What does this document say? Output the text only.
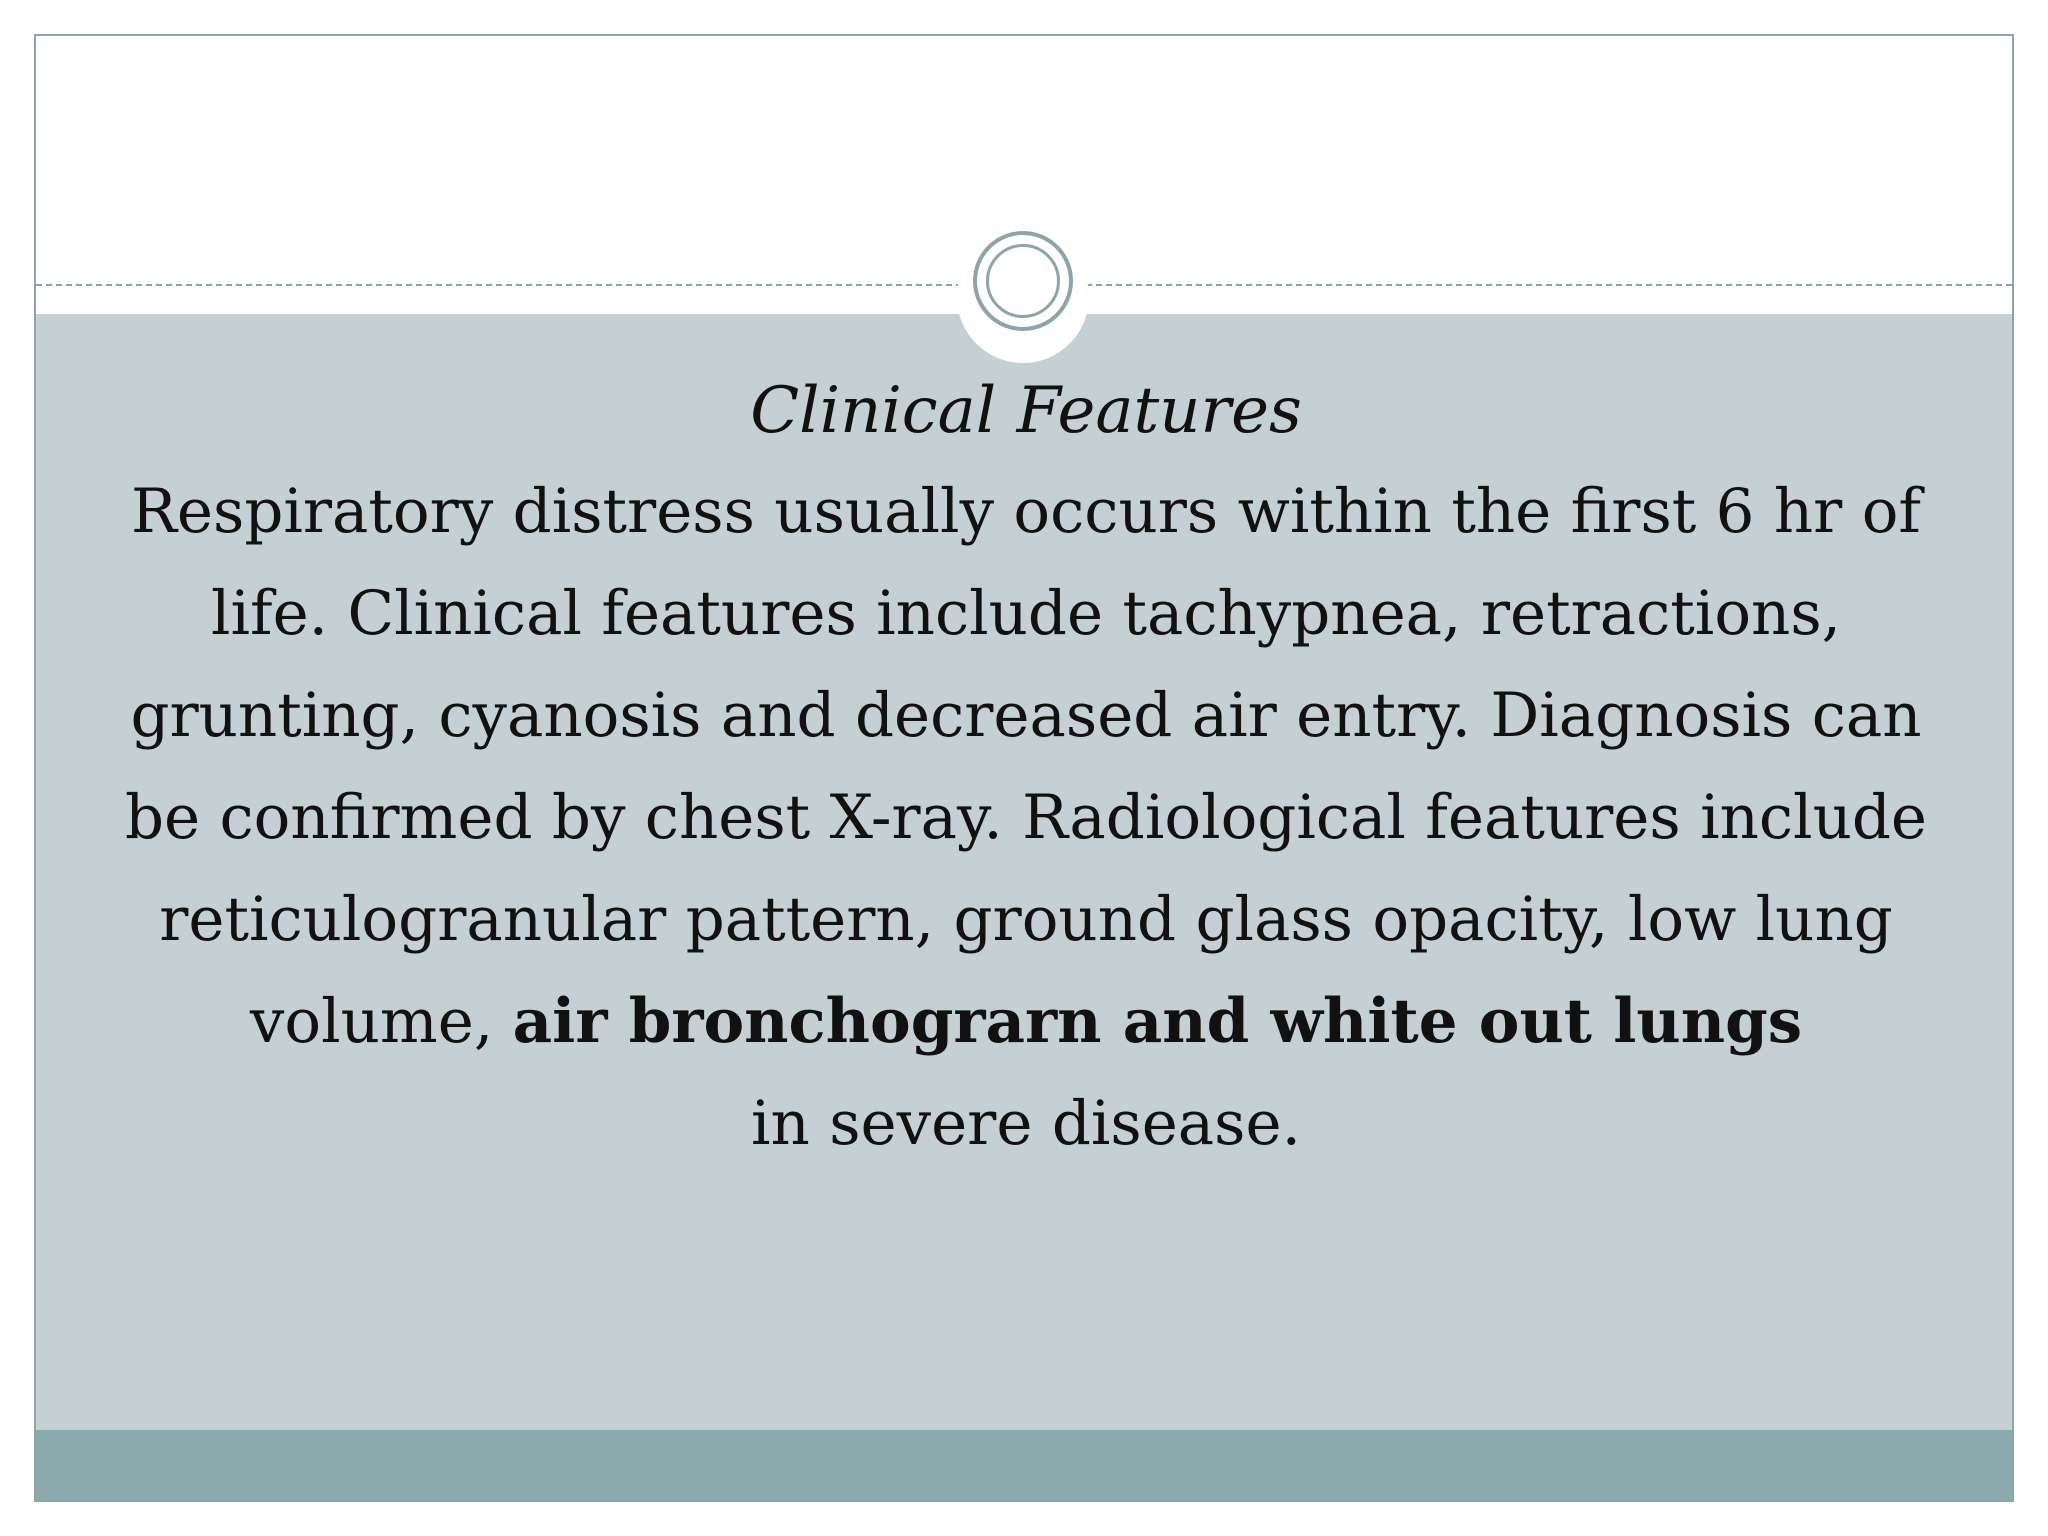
Clinical Features
Respiratory distress usually occurs within the first 6 hr of
life. Clinical features include tachypnea, retractions,
grunting, cyanosis and decreased air entry. Diagnosis can
be confirmed by chest X-ray. Radiological features include
reticulogranular pattern, ground glass opacity, low lung
volume, air bronchograrn and white out lungs
in severe disease.
